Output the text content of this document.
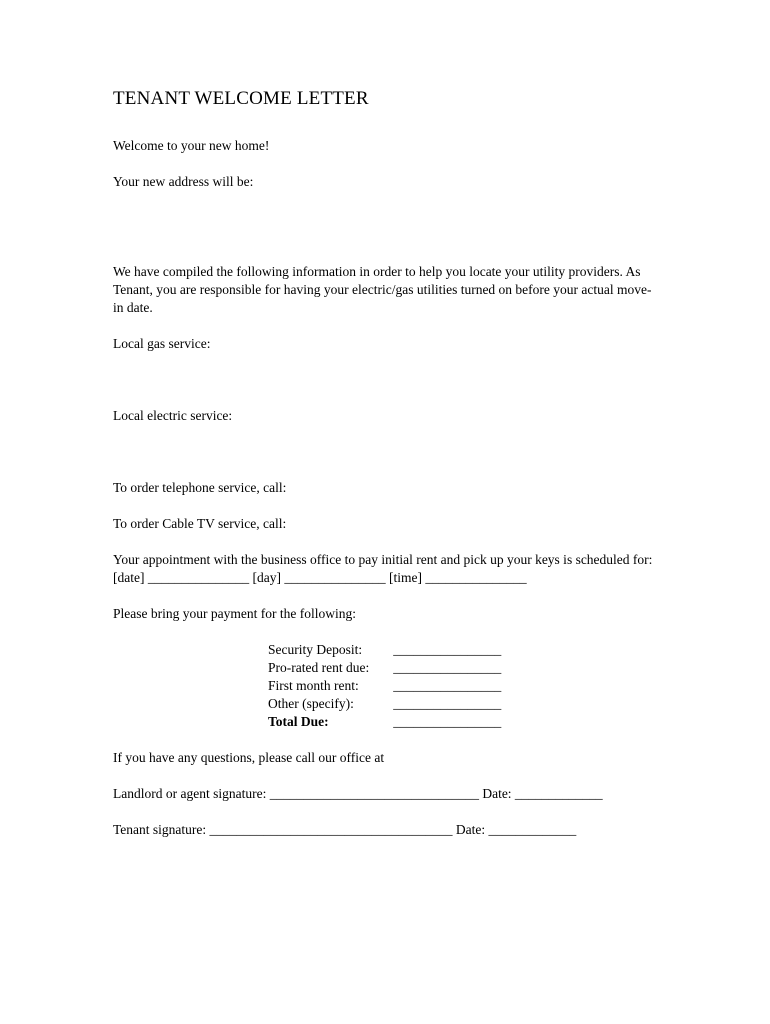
TENANT WELCOME LETTER

Welcome to your new home!

Your new address will be:

We have compiled the following information in order to help you locate your utility providers. As Tenant, you are responsible for having your electric/gas utilities turned on before your actual move-in date.

Local gas service:

Local electric service:

To order telephone service, call:

To order Cable TV service, call:

Your appointment with the business office to pay initial rent and pick up your keys is scheduled for: [date] _______________ [day] _______________ [time] _______________

Please bring your payment for the following:

Security Deposit:	________________
Pro-rated rent due:	________________
First month rent:	________________
Other (specify):	________________
Total Due:	________________

If you have any questions, please call our office at

Landlord or agent signature: _______________________________ Date: _____________

Tenant signature: ____________________________________ Date: _____________
